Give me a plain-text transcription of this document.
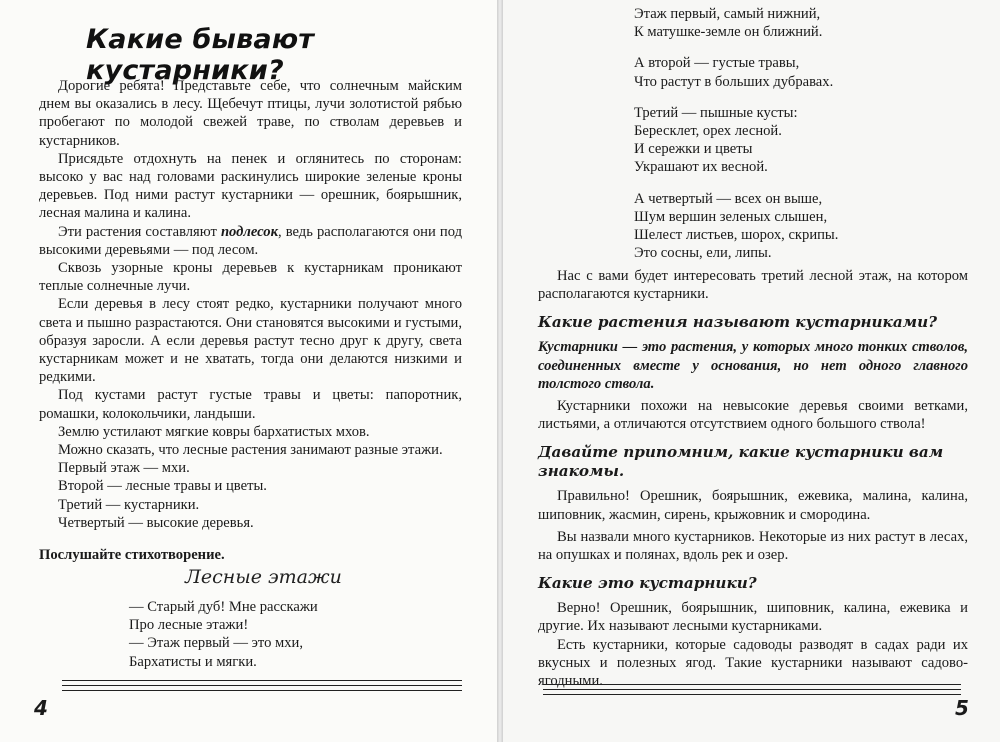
Какие бывают кустарники?

Дорогие ребята! Представьте себе, что солнечным майским днем вы оказались в лесу. Щебечут птицы, лучи золотистой рябью пробегают по молодой свежей траве, по стволам деревьев и кустарников.

Присядьте отдохнуть на пенек и оглянитесь по сторонам: высоко у вас над головами раскинулись широкие зеленые кроны деревьев. Под ними растут кустарники — орешник, боярышник, лесная малина и калина.

Эти растения составляют подлесок, ведь располагаются они под высокими деревьями — под лесом.

Сквозь узорные кроны деревьев к кустарникам проникают теплые солнечные лучи.

Если деревья в лесу стоят редко, кустарники получают много света и пышно разрастаются. Они становятся высокими и густыми, образуя заросли. А если деревья растут тесно друг к другу, света кустарникам может и не хватать, тогда они делаются низкими и редкими.

Под кустами растут густые травы и цветы: папоротник, ромашки, колокольчики, ландыши.

Землю устилают мягкие ковры бархатистых мхов.

Можно сказать, что лесные растения занимают разные этажи.

Первый этаж — мхи.

Второй — лесные травы и цветы.

Третий — кустарники.

Четвертый — высокие деревья.

Послушайте стихотворение.

Лесные этажи
— Старый дуб! Мне расскажи
Про лесные этажи!
— Этаж первый — это мхи,
Бархатисты и мягки.
4
Этаж первый, самый нижний,
К матушке-земле он ближний.
А второй — густые травы,
Что растут в больших дубравах.
Третий — пышные кусты:
Бересклет, орех лесной.
И сережки и цветы
Украшают их весной.
А четвертый — всех он выше,
Шум вершин зеленых слышен,
Шелест листьев, шорох, скрипы.
Это сосны, ели, липы.

Нас с вами будет интересовать третий лесной этаж, на котором располагаются кустарники.

Какие растения называют кустарниками?

Кустарники — это растения, у которых много тонких стволов, соединенных вместе у основания, но нет одного главного толстого ствола.

Кустарники похожи на невысокие деревья своими ветками, листьями, а отличаются отсутствием одного большого ствола!

Давайте припомним, какие кустарники вам знакомы.

Правильно! Орешник, боярышник, ежевика, малина, калина, шиповник, жасмин, сирень, крыжовник и смородина.

Вы назвали много кустарников. Некоторые из них растут в лесах, на опушках и полянах, вдоль рек и озер.

Какие это кустарники?

Верно! Орешник, боярышник, шиповник, калина, ежевика и другие. Их называют лесными кустарниками.

Есть кустарники, которые садоводы разводят в садах ради их вкусных и полезных ягод. Такие кустарники называют садово-ягодными.

5
